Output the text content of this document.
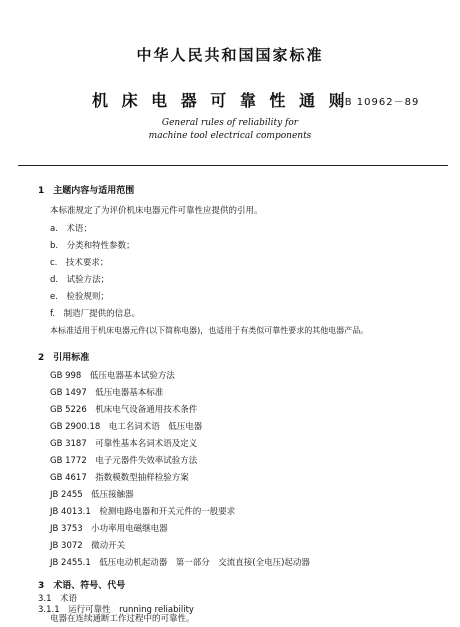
中华人民共和国国家标准
机 床 电 器 可 靠 性 通 则
GB 10962－89
General rules of reliability for
machine tool electrical components
1　主题内容与适用范围
本标准规定了为评价机床电器元件可靠性应提供的引用。
a.　术语；
b.　分类和特性参数；
c.　技术要求；
d.　试验方法；
e.　检验规则；
f.　制造厂提供的信息。
本标准适用于机床电器元件(以下简称电器)，也适用于有类似可靠性要求的其他电器产品。
2　引用标准
GB 998　低压电器基本试验方法
GB 1497　低压电器基本标准
GB 5226　机床电气设备通用技术条件
GB 2900.18　电工名词术语　低压电器
GB 3187　可靠性基本名词术语及定义
GB 1772　电子元器件失效率试验方法
GB 4617　指数模数型抽样检验方案
JB 2455　低压接触器
JB 4013.1　检测电路电器和开关元件的一般要求
JB 3753　小功率用电磁继电器
JB 3072　微动开关
JB 2455.1　低压电动机起动器　第一部分　交流直接(全电压)起动器
3　术语、符号、代号
3.1　术语
3.1.1　运行可靠性　running reliability
电器在连续通断工作过程中的可靠性。
